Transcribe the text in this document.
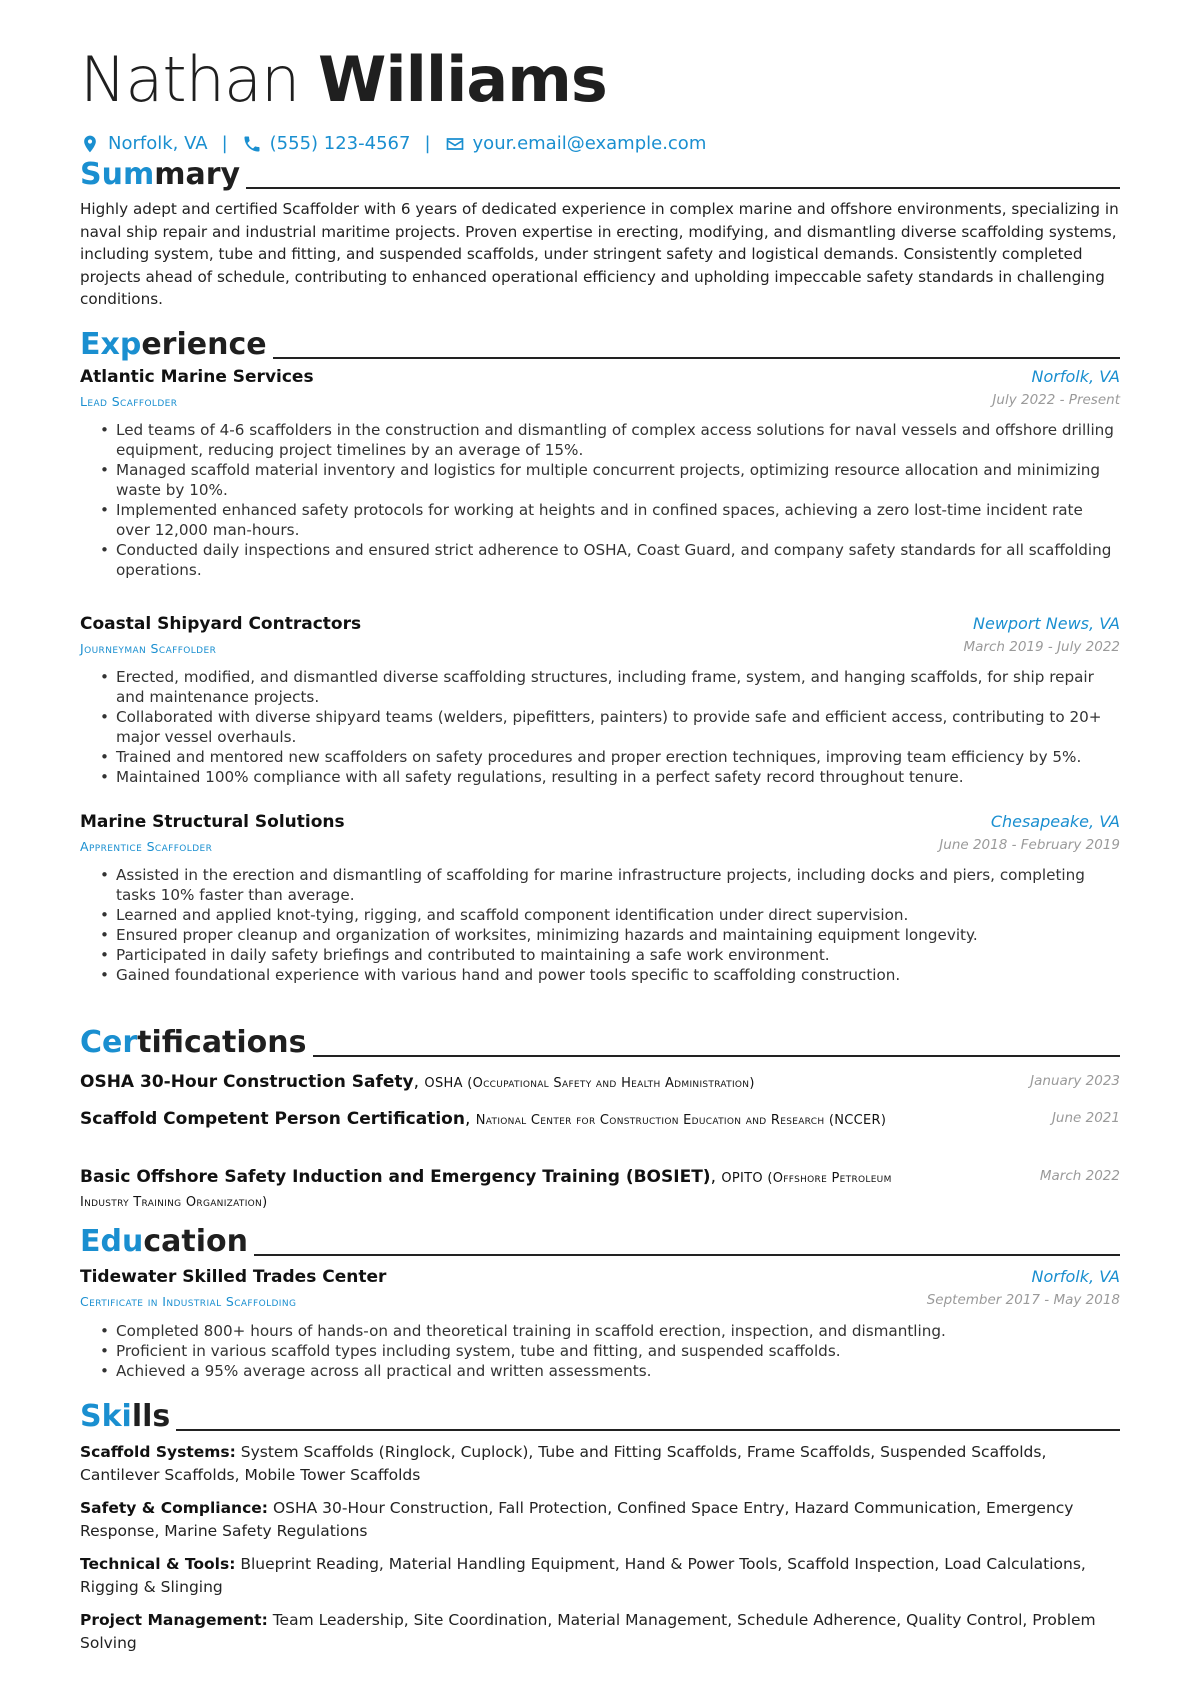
Nathan Williams
Norfolk, VA | (555) 123-4567 | your.email@example.com
Summary
Highly adept and certified Scaffolder with 6 years of dedicated experience in complex marine and offshore environments, specializing in naval ship repair and industrial maritime projects. Proven expertise in erecting, modifying, and dismantling diverse scaffolding systems, including system, tube and fitting, and suspended scaffolds, under stringent safety and logistical demands. Consistently completed projects ahead of schedule, contributing to enhanced operational efficiency and upholding impeccable safety standards in challenging conditions.
Experience
Atlantic Marine Services
Lead Scaffolder
Norfolk, VA
July 2022 - Present
• Led teams of 4-6 scaffolders in the construction and dismantling of complex access solutions for naval vessels and offshore drilling equipment, reducing project timelines by an average of 15%.
• Managed scaffold material inventory and logistics for multiple concurrent projects, optimizing resource allocation and minimizing waste by 10%.
• Implemented enhanced safety protocols for working at heights and in confined spaces, achieving a zero lost-time incident rate over 12,000 man-hours.
• Conducted daily inspections and ensured strict adherence to OSHA, Coast Guard, and company safety standards for all scaffolding operations.
Coastal Shipyard Contractors
Journeyman Scaffolder
Newport News, VA
March 2019 - July 2022
• Erected, modified, and dismantled diverse scaffolding structures, including frame, system, and hanging scaffolds, for ship repair and maintenance projects.
• Collaborated with diverse shipyard teams (welders, pipefitters, painters) to provide safe and efficient access, contributing to 20+ major vessel overhauls.
• Trained and mentored new scaffolders on safety procedures and proper erection techniques, improving team efficiency by 5%.
• Maintained 100% compliance with all safety regulations, resulting in a perfect safety record throughout tenure.
Marine Structural Solutions
Apprentice Scaffolder
Chesapeake, VA
June 2018 - February 2019
• Assisted in the erection and dismantling of scaffolding for marine infrastructure projects, including docks and piers, completing tasks 10% faster than average.
• Learned and applied knot-tying, rigging, and scaffold component identification under direct supervision.
• Ensured proper cleanup and organization of worksites, minimizing hazards and maintaining equipment longevity.
• Participated in daily safety briefings and contributed to maintaining a safe work environment.
• Gained foundational experience with various hand and power tools specific to scaffolding construction.
Certifications
OSHA 30-Hour Construction Safety, OSHA (Occupational Safety and Health Administration)	January 2023
Scaffold Competent Person Certification, National Center for Construction Education and Research (NCCER)	June 2021
Basic Offshore Safety Induction and Emergency Training (BOSIET), OPITO (Offshore Petroleum Industry Training Organization)
March 2022
Education
Tidewater Skilled Trades Center
Certificate in Industrial Scaffolding
Norfolk, VA
September 2017 - May 2018
• Completed 800+ hours of hands-on and theoretical training in scaffold erection, inspection, and dismantling.
• Proficient in various scaffold types including system, tube and fitting, and suspended scaffolds.
• Achieved a 95% average across all practical and written assessments.
Skills
Scaffold Systems: System Scaffolds (Ringlock, Cuplock), Tube and Fitting Scaffolds, Frame Scaffolds, Suspended Scaffolds, Cantilever Scaffolds, Mobile Tower Scaffolds
Safety & Compliance: OSHA 30-Hour Construction, Fall Protection, Confined Space Entry, Hazard Communication, Emergency Response, Marine Safety Regulations
Technical & Tools: Blueprint Reading, Material Handling Equipment, Hand & Power Tools, Scaffold Inspection, Load Calculations, Rigging & Slinging
Project Management: Team Leadership, Site Coordination, Material Management, Schedule Adherence, Quality Control, Problem Solving
